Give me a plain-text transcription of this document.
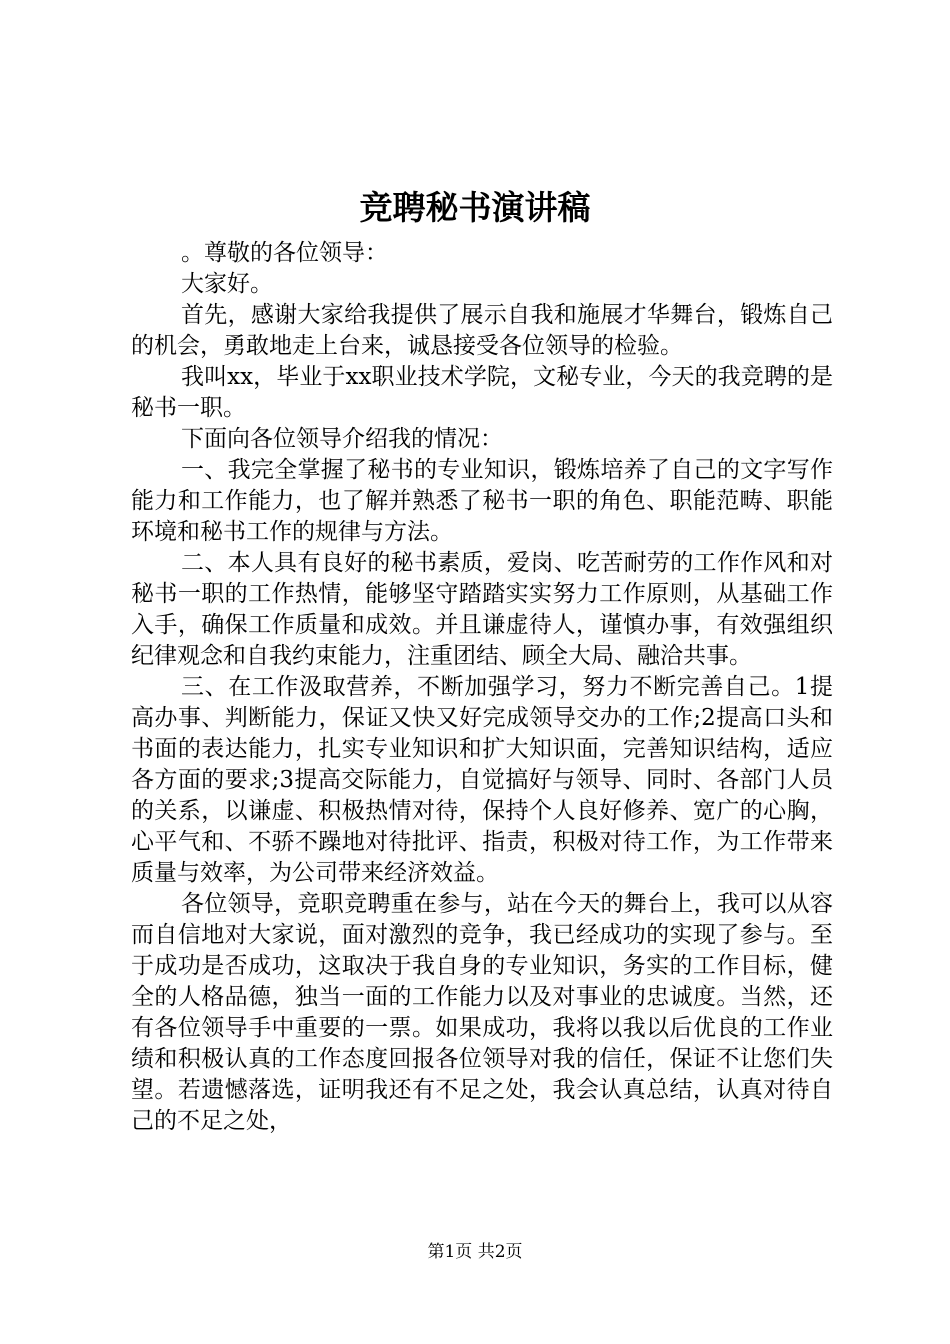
竞聘秘书演讲稿

。尊敬的各位领导：

大家好。

首先，感谢大家给我提供了展示自我和施展才华舞台，锻炼自己的机会，勇敢地走上台来，诚恳接受各位领导的检验。

我叫xx，毕业于xx职业技术学院，文秘专业，今天的我竞聘的是秘书一职。

下面向各位领导介绍我的情况：

一、我完全掌握了秘书的专业知识，锻炼培养了自己的文字写作能力和工作能力，也了解并熟悉了秘书一职的角色、职能范畴、职能环境和秘书工作的规律与方法。

二、本人具有良好的秘书素质，爱岗、吃苦耐劳的工作作风和对秘书一职的工作热情，能够坚守踏踏实实努力工作原则，从基础工作入手，确保工作质量和成效。并且谦虚待人，谨慎办事，有效强组织纪律观念和自我约束能力，注重团结、顾全大局、融洽共事。

三、在工作汲取营养，不断加强学习，努力不断完善自己。1提高办事、判断能力，保证又快又好完成领导交办的工作;2提高口头和书面的表达能力，扎实专业知识和扩大知识面，完善知识结构，适应各方面的要求;3提高交际能力，自觉搞好与领导、同时、各部门人员的关系，以谦虚、积极热情对待，保持个人良好修养、宽广的心胸，心平气和、不骄不躁地对待批评、指责，积极对待工作，为工作带来质量与效率，为公司带来经济效益。

各位领导，竞职竞聘重在参与，站在今天的舞台上，我可以从容而自信地对大家说，面对激烈的竞争，我已经成功的实现了参与。至于成功是否成功，这取决于我自身的专业知识，务实的工作目标，健全的人格品德，独当一面的工作能力以及对事业的忠诚度。当然，还有各位领导手中重要的一票。如果成功，我将以我以后优良的工作业绩和积极认真的工作态度回报各位领导对我的信任，保证不让您们失望。若遗憾落选，证明我还有不足之处，我会认真总结，认真对待自己的不足之处，

第1页 共2页
